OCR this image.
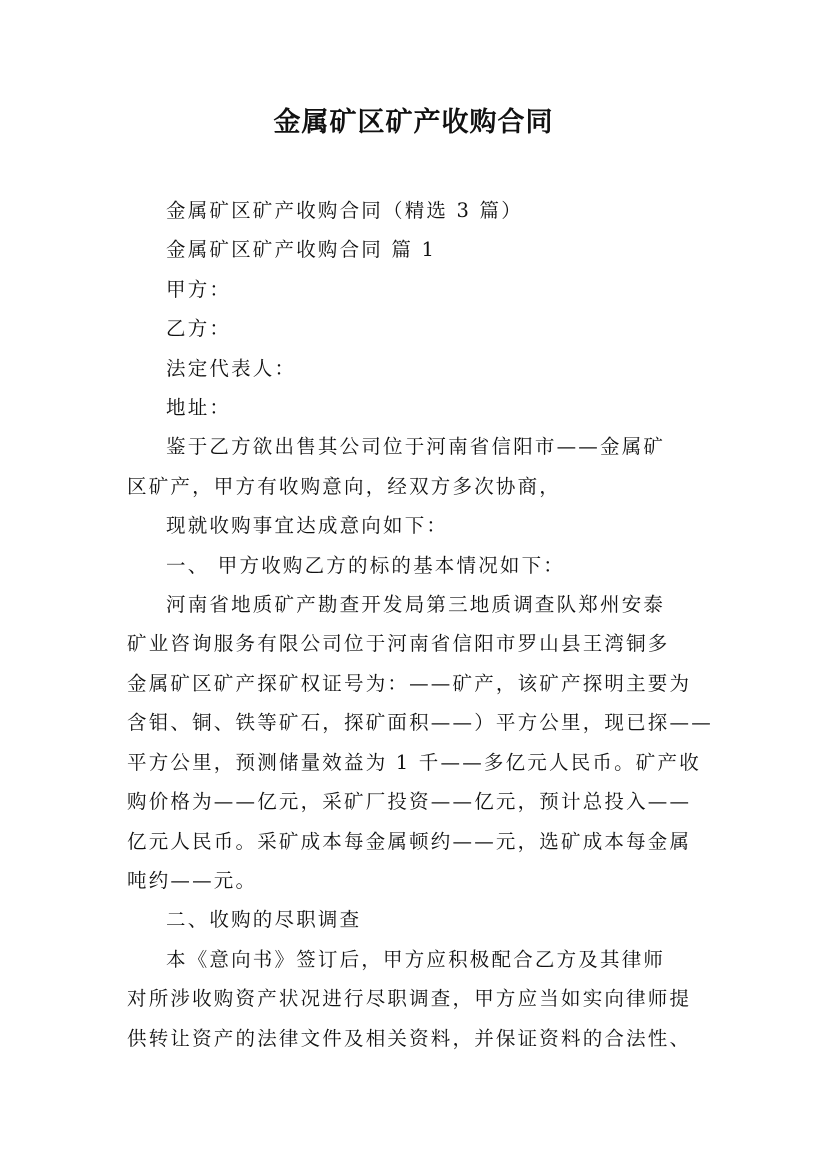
金属矿区矿产收购合同
金属矿区矿产收购合同（精选 3 篇）
金属矿区矿产收购合同 篇 1
甲方：
乙方：
法定代表人：
地址：
鉴于乙方欲出售其公司位于河南省信阳市——金属矿
区矿产，甲方有收购意向，经双方多次协商，
现就收购事宜达成意向如下：
一、 甲方收购乙方的标的基本情况如下：
河南省地质矿产勘查开发局第三地质调查队郑州安泰
矿业咨询服务有限公司位于河南省信阳市罗山县王湾铜多
金属矿区矿产探矿权证号为：——矿产，该矿产探明主要为
含钼、铜、铁等矿石，探矿面积——）平方公里，现已探——
平方公里，预测储量效益为 1 千——多亿元人民币。矿产收
购价格为——亿元，采矿厂投资——亿元，预计总投入——
亿元人民币。采矿成本每金属顿约——元，选矿成本每金属
吨约——元。
二、收购的尽职调查
本《意向书》签订后，甲方应积极配合乙方及其律师
对所涉收购资产状况进行尽职调查，甲方应当如实向律师提
供转让资产的法律文件及相关资料，并保证资料的合法性、
